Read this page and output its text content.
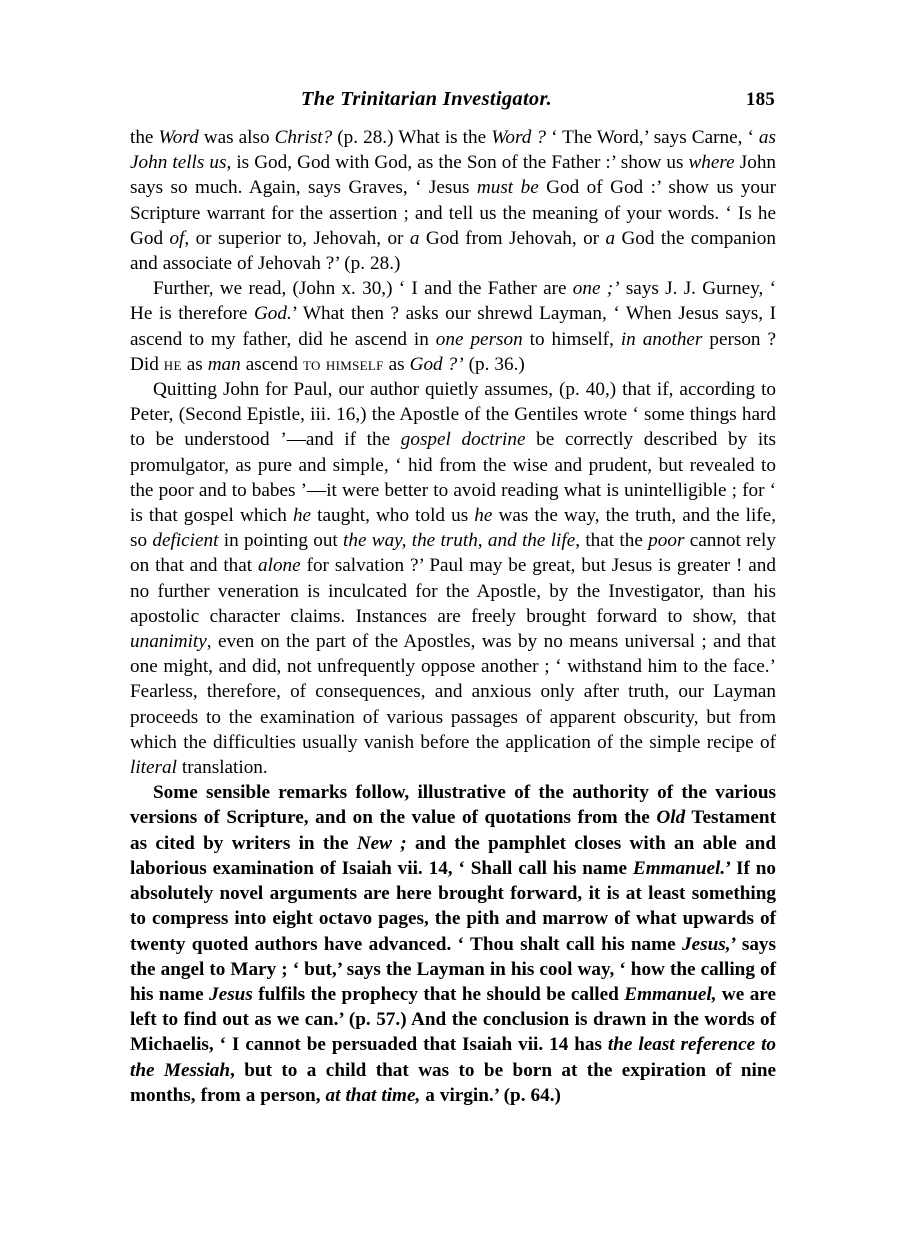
The Trinitarian Investigator.	185

the Word was also Christ? (p. 28.) What is the Word ? ‘ The Word,’ says Carne, ‘ as John tells us, is God, God with God, as the Son of the Father :’ show us where John says so much. Again, says Graves, ‘ Jesus must be God of God :’ show us your Scripture warrant for the assertion ; and tell us the meaning of your words. ‘ Is he God of, or superior to, Jehovah, or a God from Jehovah, or a God the companion and associate of Jehovah ?’ (p. 28.)

Further, we read, (John x. 30,) ‘ I and the Father are one ;’ says J. J. Gurney, ‘ He is therefore God.’ What then ? asks our shrewd Layman, ‘ When Jesus says, I ascend to my father, did he ascend in one person to himself, in another person ? Did he as man ascend to himself as God ?’ (p. 36.)

Quitting John for Paul, our author quietly assumes, (p. 40,) that if, according to Peter, (Second Epistle, iii. 16,) the Apostle of the Gentiles wrote ‘ some things hard to be understood ’—and if the gospel doctrine be correctly described by its promulgator, as pure and simple, ‘ hid from the wise and prudent, but revealed to the poor and to babes ’—it were better to avoid reading what is unintelligible ; for ‘ is that gospel which he taught, who told us he was the way, the truth, and the life, so deficient in pointing out the way, the truth, and the life, that the poor cannot rely on that and that alone for salvation ?’ Paul may be great, but Jesus is greater ! and no further veneration is inculcated for the Apostle, by the Investigator, than his apostolic character claims. Instances are freely brought forward to show, that unanimity, even on the part of the Apostles, was by no means universal ; and that one might, and did, not unfrequently oppose another ; ‘ withstand him to the face.’ Fearless, therefore, of consequences, and anxious only after truth, our Layman proceeds to the examination of various passages of apparent obscurity, but from which the difficulties usually vanish before the application of the simple recipe of literal translation.

Some sensible remarks follow, illustrative of the authority of the various versions of Scripture, and on the value of quotations from the Old Testament as cited by writers in the New ; and the pamphlet closes with an able and laborious examination of Isaiah vii. 14, ‘ Shall call his name Emmanuel.’ If no absolutely novel arguments are here brought forward, it is at least something to compress into eight octavo pages, the pith and marrow of what upwards of twenty quoted authors have advanced. ‘ Thou shalt call his name Jesus,’ says the angel to Mary ; ‘ but,’ says the Layman in his cool way, ‘ how the calling of his name Jesus fulfils the prophecy that he should be called Emmanuel, we are left to find out as we can.’ (p. 57.) And the conclusion is drawn in the words of Michaelis, ‘ I cannot be persuaded that Isaiah vii. 14 has the least reference to the Messiah, but to a child that was to be born at the expiration of nine months, from a person, at that time, a virgin.’ (p. 64.)
